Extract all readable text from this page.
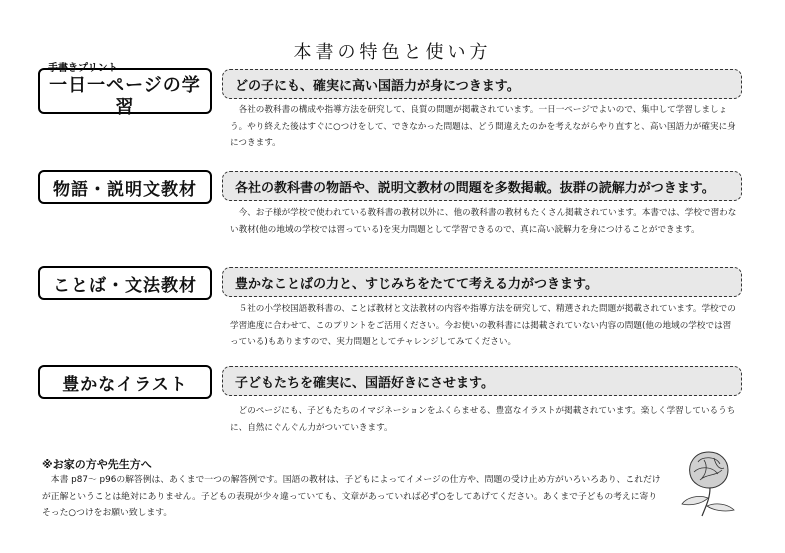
本書の特色と使い方
手書きプリント
一日一ページの学習
どの子にも、確実に高い国語力が身につきます。

各社の教科書の構成や指導方法を研究して、良質の問題が掲載されています。一日一ページでよいので、集中して学習しましょう。やり終えた後はすぐに○つけをして、できなかった問題は、どう間違えたのかを考えながらやり直すと、高い国語力が確実に身につきます。

物語・説明文教材	各社の教科書の物語や、説明文教材の問題を多数掲載。抜群の読解力がつきます。

今、お子様が学校で使われている教科書の教材以外に、他の教科書の教材もたくさん掲載されています。本書では、学校で習わない教材(他の地域の学校では習っている)を実力問題として学習できるので、真に高い読解力を身につけることができます。

ことば・文法教材	豊かなことばの力と、すじみちをたてて考える力がつきます。

５社の小学校国語教科書の、ことば教材と文法教材の内容や指導方法を研究して、精選された問題が掲載されています。学校での学習進度に合わせて、このプリントをご活用ください。今お使いの教科書には掲載されていない内容の問題(他の地域の学校では習っている)もありますので、実力問題としてチャレンジしてみてください。

豊かなイラスト	子どもたちを確実に、国語好きにさせます。

どのページにも、子どもたちのイマジネーションをふくらませる、豊富なイラストが掲載されています。楽しく学習しているうちに、自然にぐんぐん力がついていきます。

※お家の方や先生方へ

本書 p87～ p96の解答例は、あくまで一つの解答例です。国語の教材は、子どもによってイメージの仕方や、問題の受け止め方がいろいろあり、これだけが正解ということは絶対にありません。子どもの表現が少々違っていても、文章があっていれば必ず○をしてあげてください。あくまで子どもの考えに寄りそった○つけをお願い致します。
